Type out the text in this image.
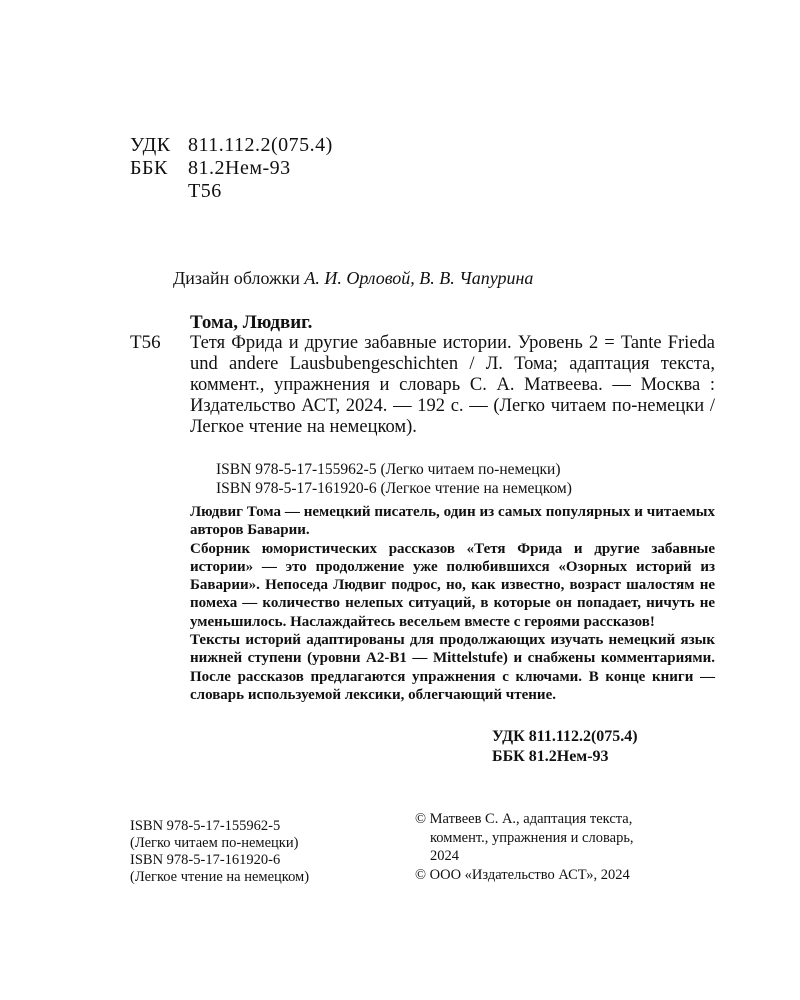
УДК 811.112.2(075.4)
ББК	81.2Нем-93
Т56
Дизайн обложки А. И. Орловой, В. В. Чапурина
Тома, Людвиг.
Т56 Тетя Фрида и другие забавные истории. Уровень 2 = Tante Frieda und andere Lausbubengeschichten / Л. Тома; адаптация текста, коммент., упражнения и словарь С. А. Матвеева. — Москва : Издательство АСТ, 2024. — 192 с. — (Легко читаем по-немецки / Легкое чтение на немецком).
ISBN 978-5-17-155962-5 (Легко читаем по-немецки)
ISBN 978-5-17-161920-6 (Легкое чтение на немецком)

Людвиг Тома — немецкий писатель, один из самых популярных и читаемых авторов Баварии.

Сборник юмористических рассказов «Тетя Фрида и другие забавные истории» — это продолжение уже полюбившихся «Озорных историй из Баварии». Непоседа Людвиг подрос, но, как известно, возраст шалостям не помеха — количество нелепых ситуаций, в которые он попадает, ничуть не уменьшилось. Наслаждайтесь весельем вместе с героями рассказов!

Тексты историй адаптированы для продолжающих изучать немецкий язык нижней ступени (уровни A2-B1 — Mittelstufe) и снабжены комментариями. После рассказов предлагаются упражнения с ключами. В конце книги — словарь используемой лексики, облегчающий чтение.

УДК 811.112.2(075.4)
ББК 81.2Нем-93
ISBN 978-5-17-155962-5
(Легко читаем по-немецки)
ISBN 978-5-17-161920-6
(Легкое чтение на немецком)
© Матвеев С. А., адаптация текста,
коммент., упражнения и словарь,
2024
© ООО «Издательство АСТ», 2024
